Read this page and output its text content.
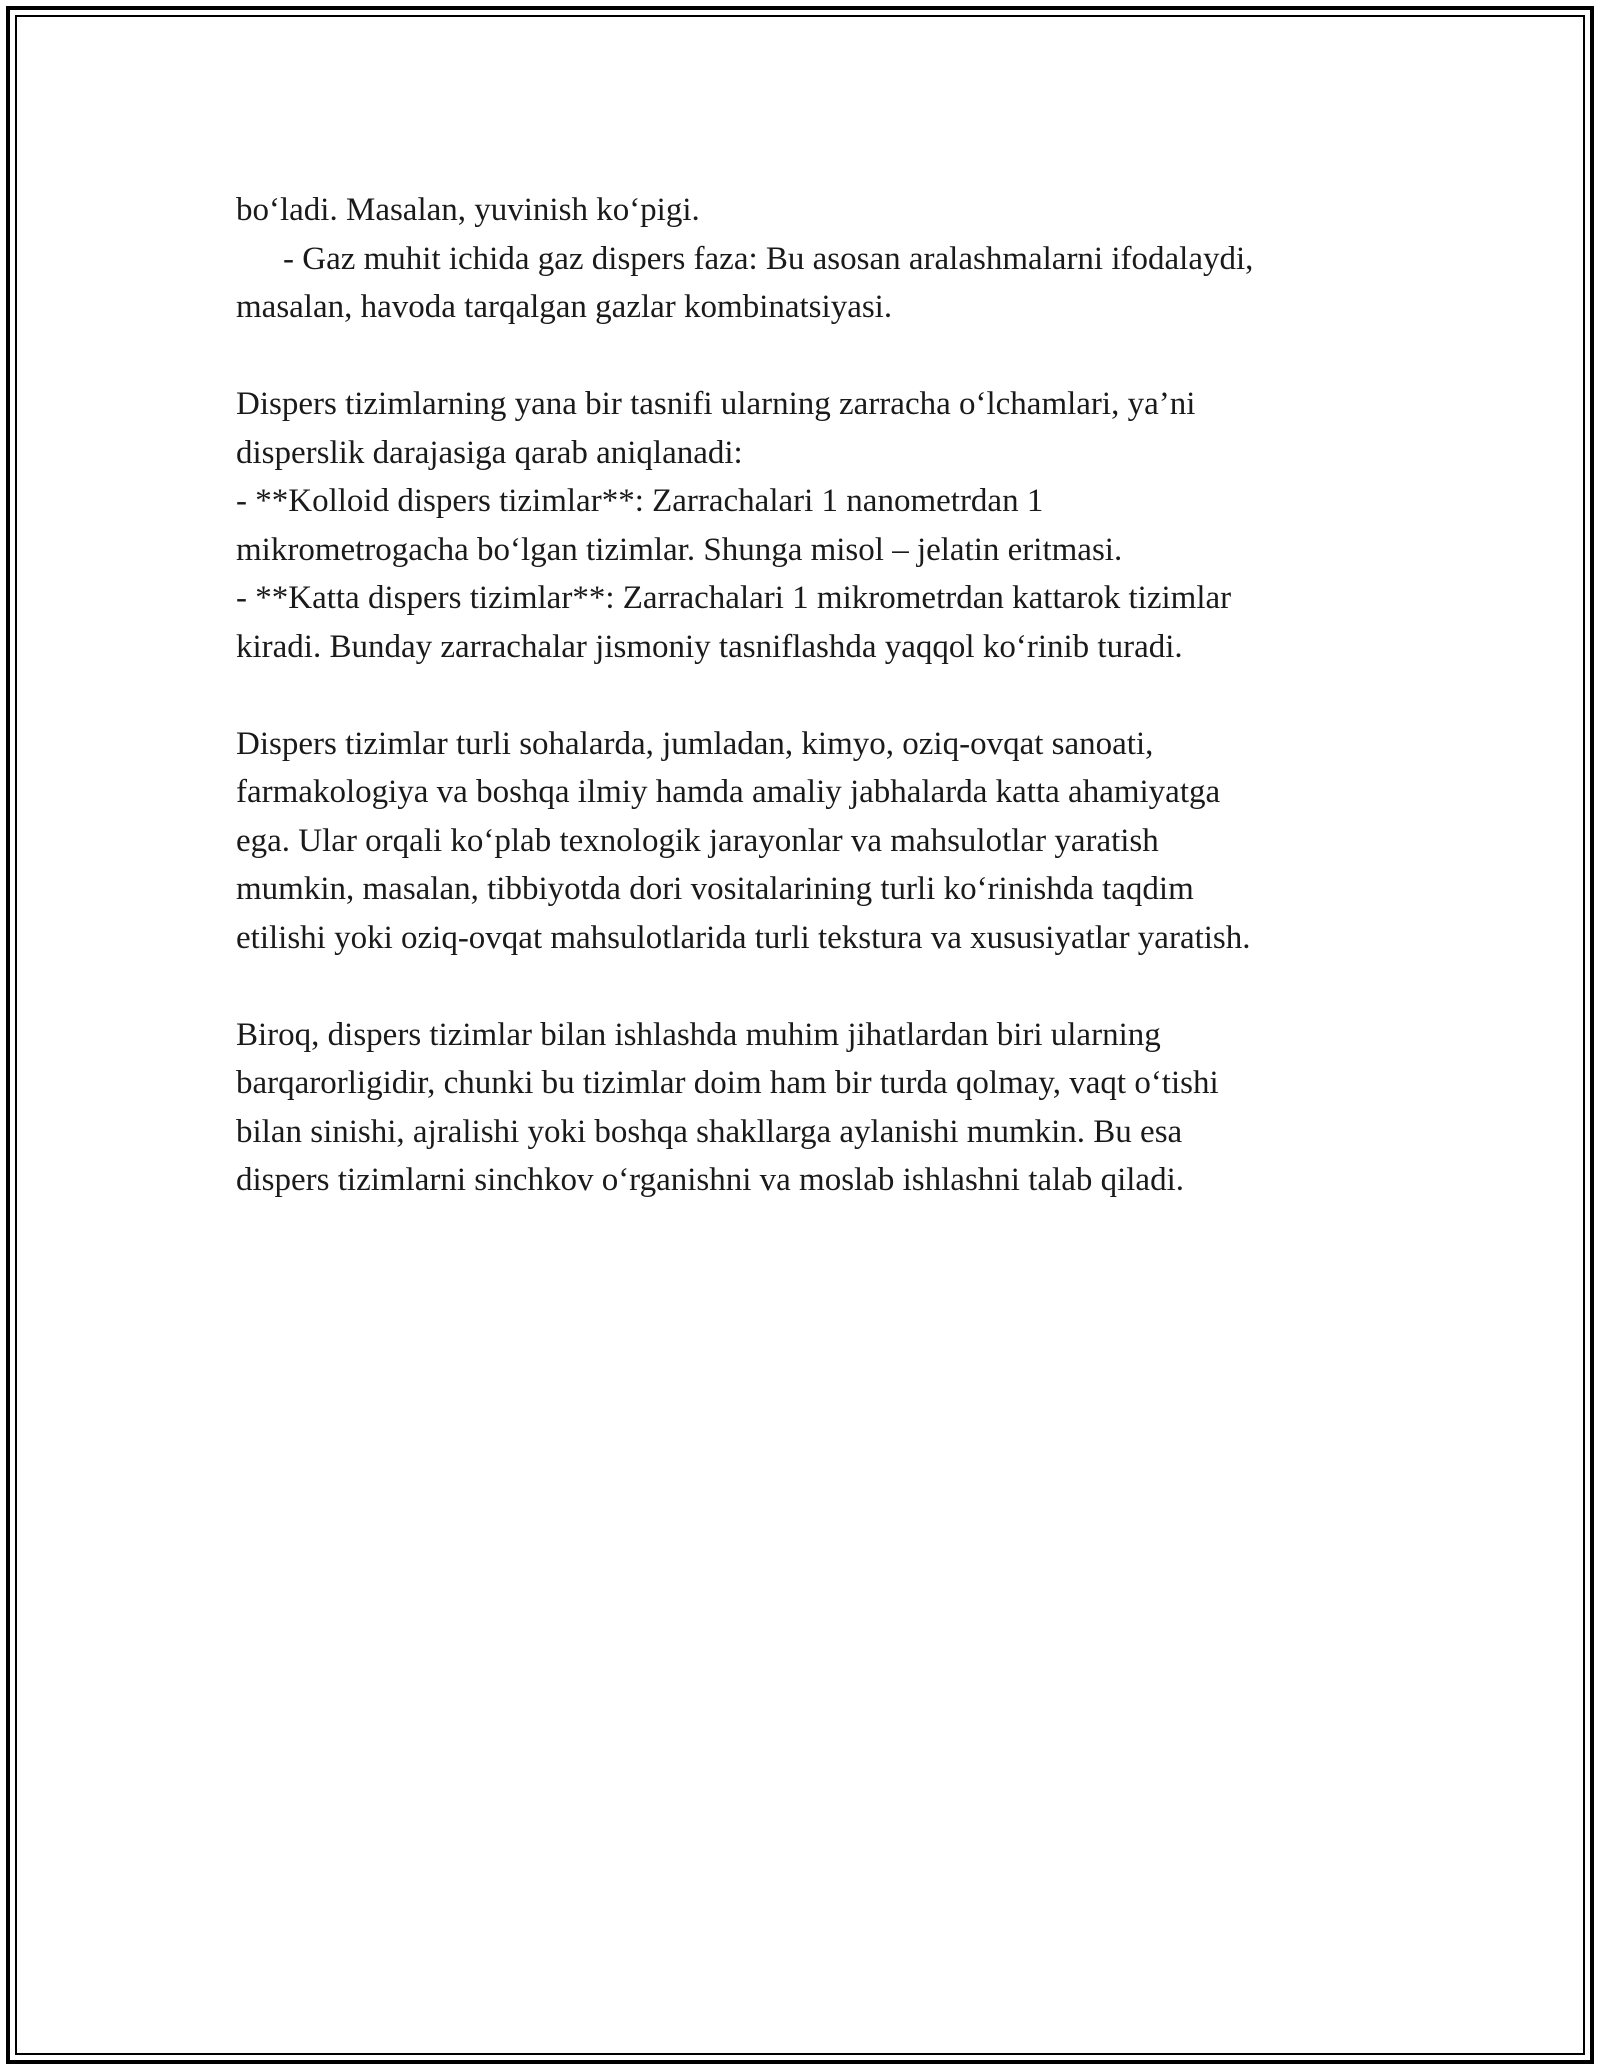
bo‘ladi. Masalan, yuvinish ko‘pigi.
- Gaz muhit ichida gaz dispers faza: Bu asosan aralashmalarni ifodalaydi,
masalan, havoda tarqalgan gazlar kombinatsiyasi.
Dispers tizimlarning yana bir tasnifi ularning zarracha o‘lchamlari, ya’ni
disperslik darajasiga qarab aniqlanadi:
- **Kolloid dispers tizimlar**: Zarrachalari 1 nanometrdan 1
mikrometrogacha bo‘lgan tizimlar. Shunga misol – jelatin eritmasi.
- **Katta dispers tizimlar**: Zarrachalari 1 mikrometrdan kattarok tizimlar
kiradi. Bunday zarrachalar jismoniy tasniflashda yaqqol ko‘rinib turadi.
Dispers tizimlar turli sohalarda, jumladan, kimyo, oziq-ovqat sanoati,
farmakologiya va boshqa ilmiy hamda amaliy jabhalarda katta ahamiyatga
ega. Ular orqali ko‘plab texnologik jarayonlar va mahsulotlar yaratish
mumkin, masalan, tibbiyotda dori vositalarining turli ko‘rinishda taqdim
etilishi yoki oziq-ovqat mahsulotlarida turli tekstura va xususiyatlar yaratish.
Biroq, dispers tizimlar bilan ishlashda muhim jihatlardan biri ularning
barqarorligidir, chunki bu tizimlar doim ham bir turda qolmay, vaqt o‘tishi
bilan sinishi, ajralishi yoki boshqa shakllarga aylanishi mumkin. Bu esa
dispers tizimlarni sinchkov o‘rganishni va moslab ishlashni talab qiladi.
